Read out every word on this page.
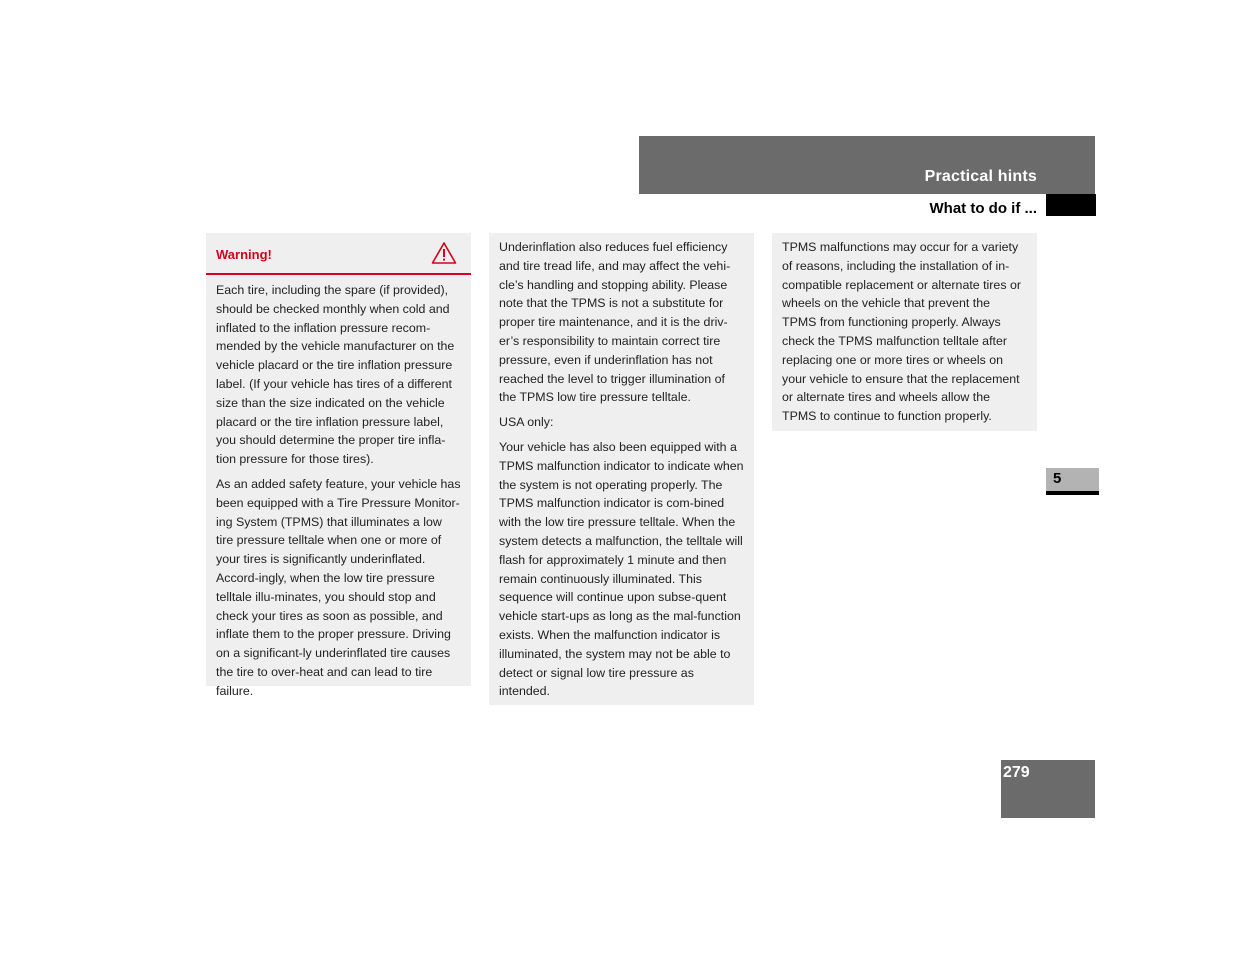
Practical hints
What to do if ...
5
Warning!

Each tire, including the spare (if provided), should be checked monthly when cold and inflated to the inflation pressure recom-mended by the vehicle manufacturer on the vehicle placard or the tire inflation pressure label. (If your vehicle has tires of a different size than the size indicated on the vehicle placard or the tire inflation pressure label, you should determine the proper tire infla-tion pressure for those tires).

As an added safety feature, your vehicle has been equipped with a Tire Pressure Monitor-ing System (TPMS) that illuminates a low tire pressure telltale when one or more of your tires is significantly underinflated. Accord-ingly, when the low tire pressure telltale illu-minates, you should stop and check your tires as soon as possible, and inflate them to the proper pressure. Driving on a significant-ly underinflated tire causes the tire to over-heat and can lead to tire failure.

Underinflation also reduces fuel efficiency and tire tread life, and may affect the vehi-cle’s handling and stopping ability. Please note that the TPMS is not a substitute for proper tire maintenance, and it is the driv-er’s responsibility to maintain correct tire pressure, even if underinflation has not reached the level to trigger illumination of the TPMS low tire pressure telltale.

USA only:

Your vehicle has also been equipped with a TPMS malfunction indicator to indicate when the system is not operating properly. The TPMS malfunction indicator is com-bined with the low tire pressure telltale. When the system detects a malfunction, the telltale will flash for approximately 1 minute and then remain continuously illuminated. This sequence will continue upon subse-quent vehicle start-ups as long as the mal-function exists. When the malfunction indicator is illuminated, the system may not be able to detect or signal low tire pressure as intended.

TPMS malfunctions may occur for a variety of reasons, including the installation of in-compatible replacement or alternate tires or wheels on the vehicle that prevent the TPMS from functioning properly. Always check the TPMS malfunction telltale after replacing one or more tires or wheels on your vehicle to ensure that the replacement or alternate tires and wheels allow the TPMS to continue to function properly.

279
